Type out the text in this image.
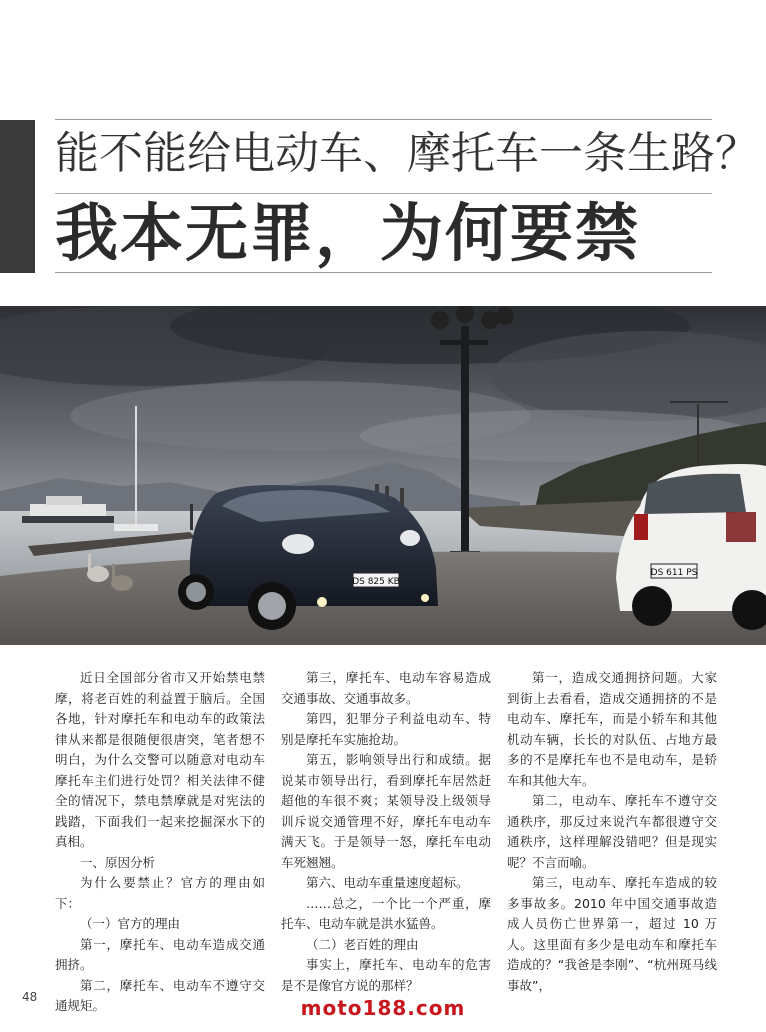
能不能给电动车、摩托车一条生路？
我本无罪，为何要禁
DS 825 KB
DS 611 PS

近日全国部分省市又开始禁电禁摩，将老百姓的利益置于脑后。全国各地，针对摩托车和电动车的政策法律从来都是很随便很唐突，笔者想不明白，为什么交警可以随意对电动车摩托车主们进行处罚？相关法律不健全的情况下，禁电禁摩就是对宪法的践踏，下面我们一起来挖掘深水下的真相。

一、原因分析

为什么要禁止？官方的理由如下：

（一）官方的理由

第一，摩托车、电动车造成交通拥挤。

第二，摩托车、电动车不遵守交通规矩。

第三，摩托车、电动车容易造成交通事故、交通事故多。

第四，犯罪分子利益电动车、特别是摩托车实施抢劫。

第五，影响领导出行和成绩。据说某市领导出行，看到摩托车居然赶超他的车很不爽；某领导没上级领导训斥说交通管理不好，摩托车电动车满天飞。于是领导一怒，摩托车电动车死翘翘。

第六、电动车重量速度超标。

……总之，一个比一个严重，摩托车、电动车就是洪水猛兽。

（二）老百姓的理由

事实上，摩托车、电动车的危害是不是像官方说的那样？

第一，造成交通拥挤问题。大家到街上去看看，造成交通拥挤的不是电动车、摩托车，而是小轿车和其他机动车辆，长长的对队伍、占地方最多的不是摩托车也不是电动车，是轿车和其他大车。

第二，电动车、摩托车不遵守交通秩序，那反过来说汽车都很遵守交通秩序，这样理解没错吧？但是现实呢？不言而喻。

第三，电动车、摩托车造成的较多事故多。2010 年中国交通事故造成人员伤亡世界第一，超过 10 万人。这里面有多少是电动车和摩托车造成的？“我爸是李刚”、“杭州斑马线事故”，

48	moto188.com
